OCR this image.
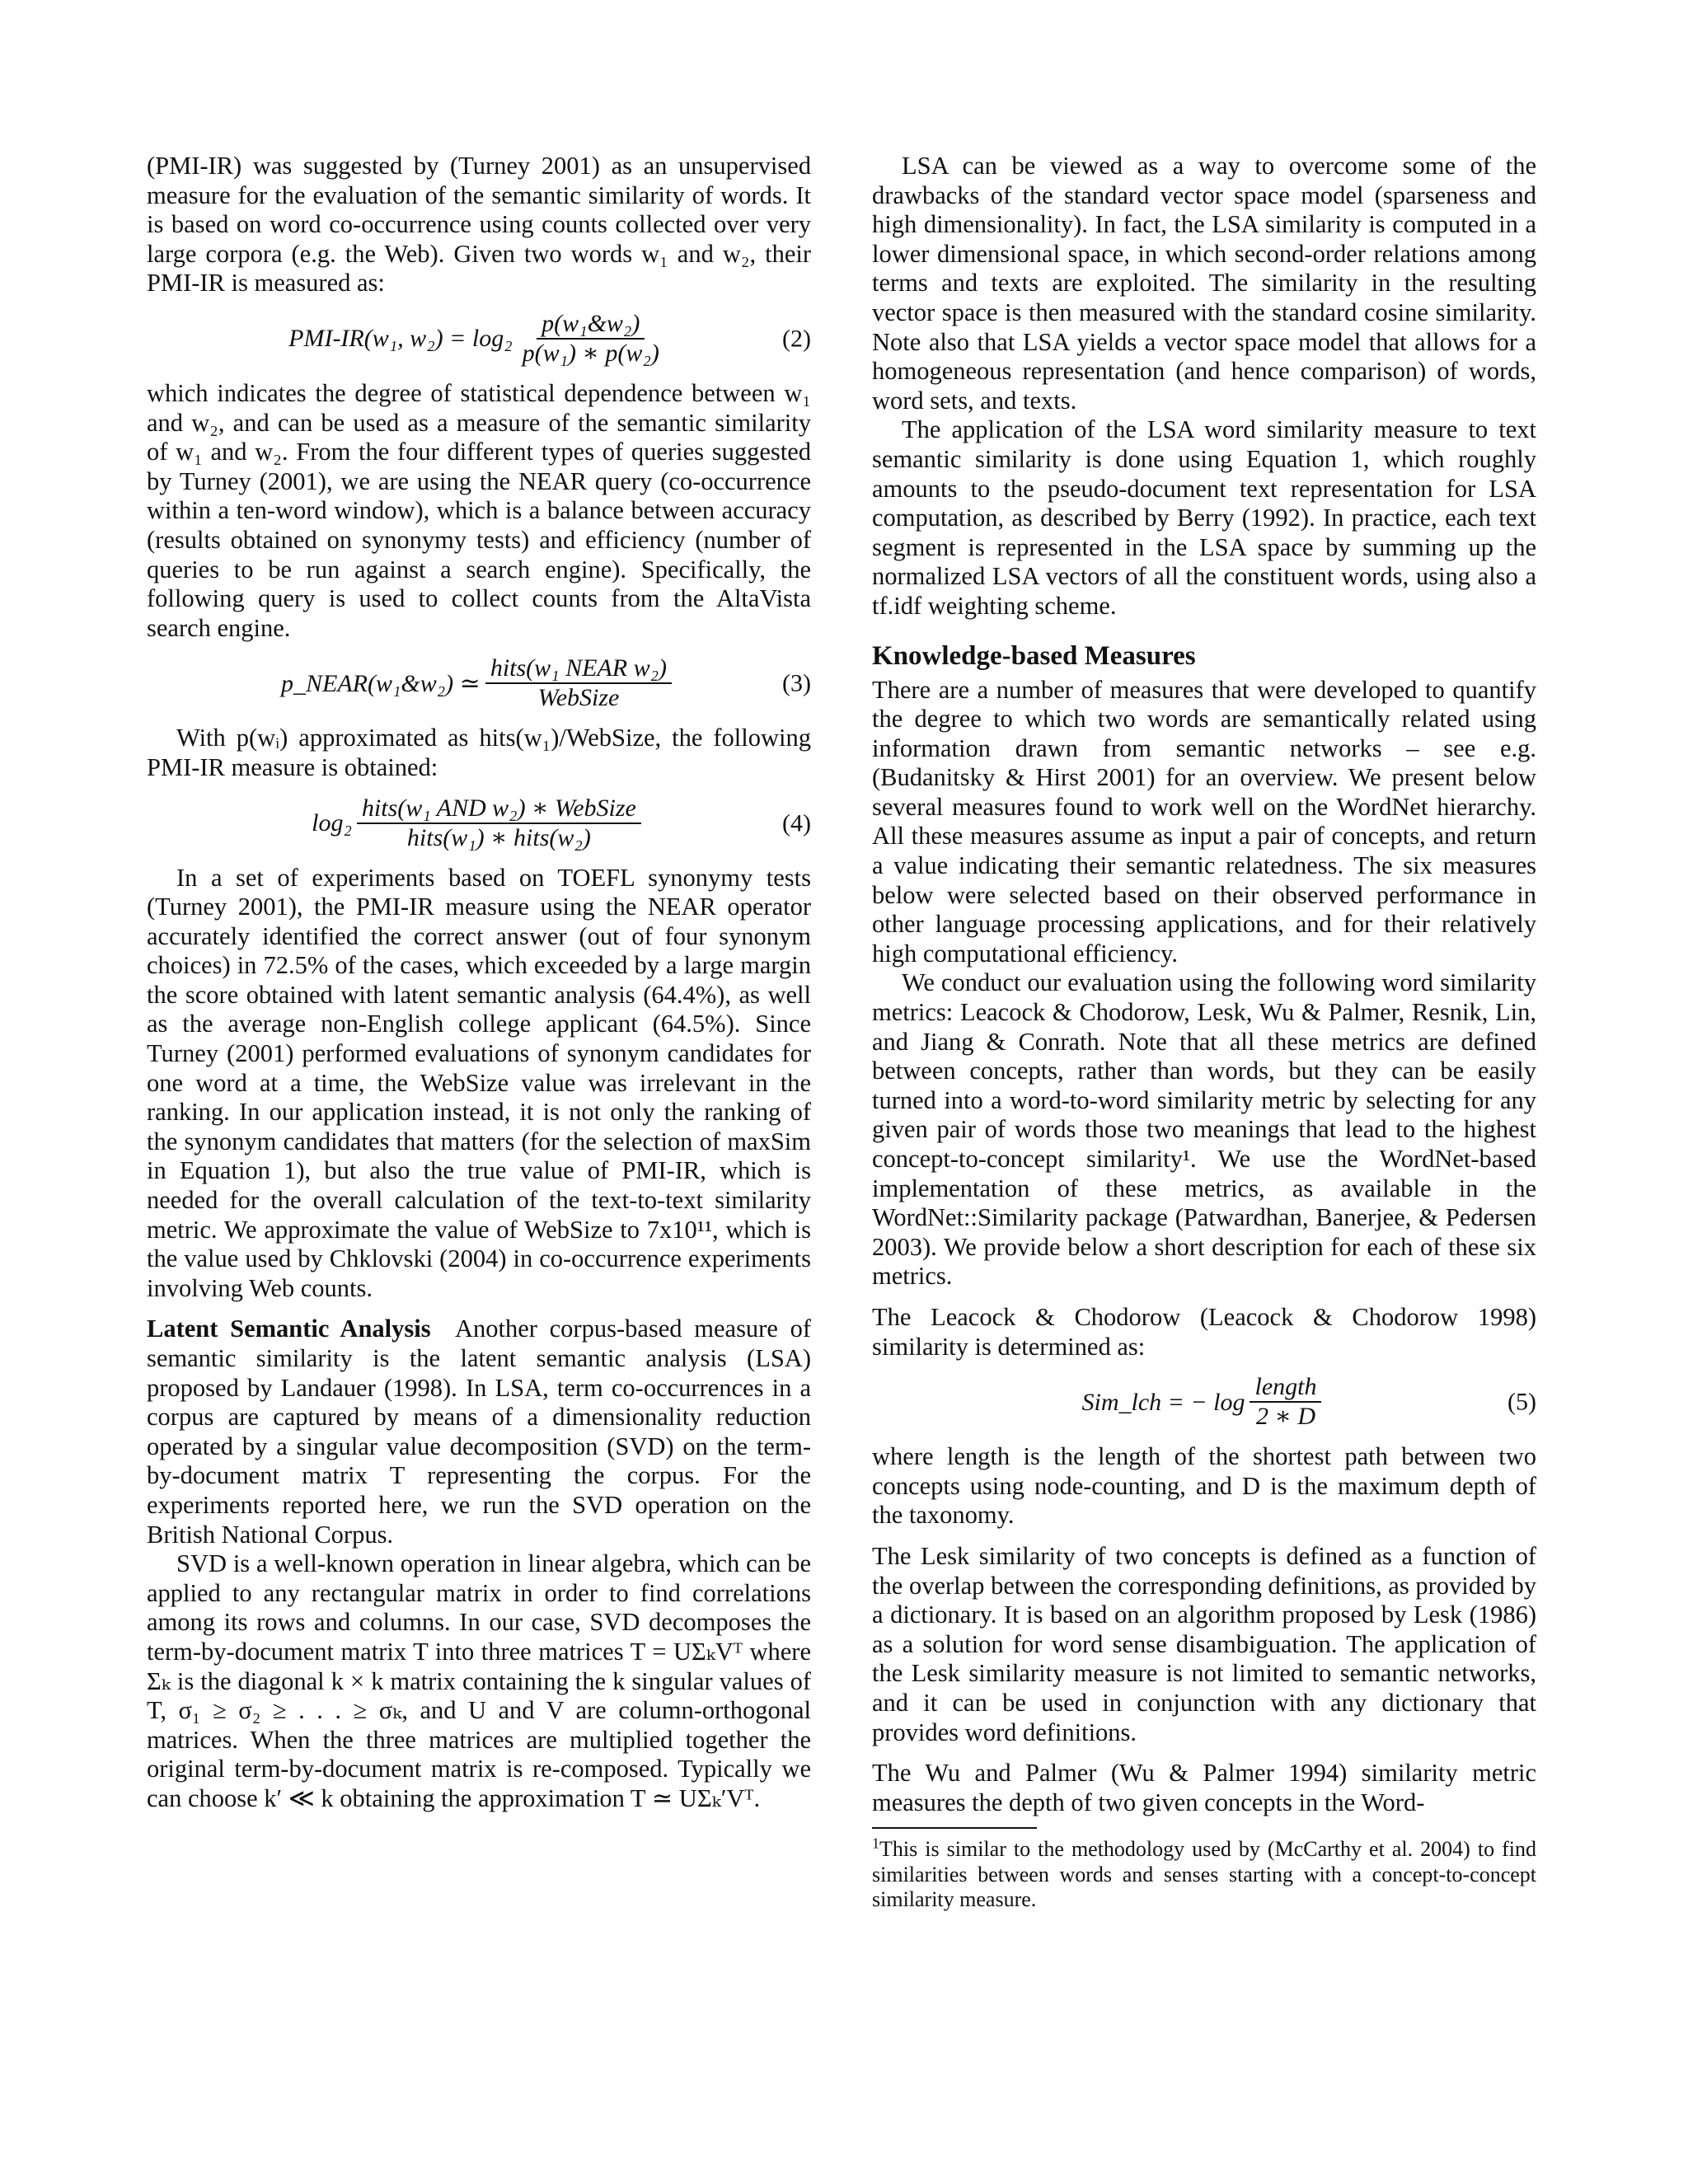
(PMI-IR) was suggested by (Turney 2001) as an unsupervised measure for the evaluation of the semantic similarity of words. It is based on word co-occurrence using counts collected over very large corpora (e.g. the Web). Given two words w₁ and w₂, their PMI-IR is measured as:

PMI-IR(w₁, $w_2) = \log_2 \frac{\text{p(w₁\&w₂)}}{\text{p(w₁) ∗ p(w₂)}}$	(2)

which indicates the degree of statistical dependence between w₁ and w₂, and can be used as a measure of the semantic similarity of w₁ and w₂. From the four different types of queries suggested by Turney (2001), we are using the NEAR query (co-occurrence within a ten-word window), which is a balance between accuracy (results obtained on synonymy tests) and efficiency (number of queries to be run against a search engine). Specifically, the following query is used to collect counts from the AltaVista search engine.

p_NEAR(w₁&w₂) ≃ $\frac{\text{hits(w₁ NEAR w₂)}}{\text{WebSize}}$	(3)

With p(wᵢ) approximated as hits(w₁)/WebSize, the following PMI-IR measure is obtained:

$\log_2 \frac{\text{hits(w₁ AND w₂) ∗ WebSize}}{\text{hits(w₁) ∗ hits(w₂)}}$	(4)

In a set of experiments based on TOEFL synonymy tests (Turney 2001), the PMI-IR measure using the NEAR operator accurately identified the correct answer (out of four synonym choices) in 72.5% of the cases, which exceeded by a large margin the score obtained with latent semantic analysis (64.4%), as well as the average non-English college applicant (64.5%). Since Turney (2001) performed evaluations of synonym candidates for one word at a time, the WebSize value was irrelevant in the ranking. In our application instead, it is not only the ranking of the synonym candidates that matters (for the selection of maxSim in Equation 1), but also the true value of PMI-IR, which is needed for the overall calculation of the text-to-text similarity metric. We approximate the value of WebSize to 7x10¹¹, which is the value used by Chklovski (2004) in co-occurrence experiments involving Web counts.

Latent Semantic Analysis Another corpus-based measure of semantic similarity is the latent semantic analysis (LSA) proposed by Landauer (1998). In LSA, term co-occurrences in a corpus are captured by means of a dimensionality reduction operated by a singular value decomposition (SVD) on the term-by-document matrix T representing the corpus. For the experiments reported here, we run the SVD operation on the British National Corpus.

SVD is a well-known operation in linear algebra, which can be applied to any rectangular matrix in order to find correlations among its rows and columns. In our case, SVD decomposes the term-by-document matrix T into three matrices T = UΣₖVᵀ where Σₖ is the diagonal k × k matrix containing the k singular values of T, σ₁ ≥ σ₂ ≥ . . . ≥ σₖ, and U and V are column-orthogonal matrices. When the three matrices are multiplied together the original term-by-document matrix is re-composed. Typically we can choose k′ ≪ k obtaining the approximation T ≃ UΣₖ′Vᵀ.

LSA can be viewed as a way to overcome some of the drawbacks of the standard vector space model (sparseness and high dimensionality). In fact, the LSA similarity is computed in a lower dimensional space, in which second-order relations among terms and texts are exploited. The similarity in the resulting vector space is then measured with the standard cosine similarity. Note also that LSA yields a vector space model that allows for a homogeneous representation (and hence comparison) of words, word sets, and texts.

The application of the LSA word similarity measure to text semantic similarity is done using Equation 1, which roughly amounts to the pseudo-document text representation for LSA computation, as described by Berry (1992). In practice, each text segment is represented in the LSA space by summing up the normalized LSA vectors of all the constituent words, using also a tf.idf weighting scheme.

Knowledge-based Measures

There are a number of measures that were developed to quantify the degree to which two words are semantically related using information drawn from semantic networks – see e.g. (Budanitsky & Hirst 2001) for an overview. We present below several measures found to work well on the WordNet hierarchy. All these measures assume as input a pair of concepts, and return a value indicating their semantic relatedness. The six measures below were selected based on their observed performance in other language processing applications, and for their relatively high computational efficiency.

We conduct our evaluation using the following word similarity metrics: Leacock & Chodorow, Lesk, Wu & Palmer, Resnik, Lin, and Jiang & Conrath. Note that all these metrics are defined between concepts, rather than words, but they can be easily turned into a word-to-word similarity metric by selecting for any given pair of words those two meanings that lead to the highest concept-to-concept similarity¹. We use the WordNet-based implementation of these metrics, as available in the WordNet::Similarity package (Patwardhan, Banerjee, & Pedersen 2003). We provide below a short description for each of these six metrics.

The Leacock & Chodorow (Leacock & Chodorow 1998) similarity is determined as:

Sim_lch = − $\log \frac{\text{length}}{2 ∗ D}$	(5)

where length is the length of the shortest path between two concepts using node-counting, and D is the maximum depth of the taxonomy.

The Lesk similarity of two concepts is defined as a function of the overlap between the corresponding definitions, as provided by a dictionary. It is based on an algorithm proposed by Lesk (1986) as a solution for word sense disambiguation. The application of the Lesk similarity measure is not limited to semantic networks, and it can be used in conjunction with any dictionary that provides word definitions.

The Wu and Palmer (Wu & Palmer 1994) similarity metric measures the depth of two given concepts in the Word-

$^1$This is similar to the methodology used by (McCarthy et al. 2004) to find similarities between words and senses starting with a concept-to-concept similarity measure.
